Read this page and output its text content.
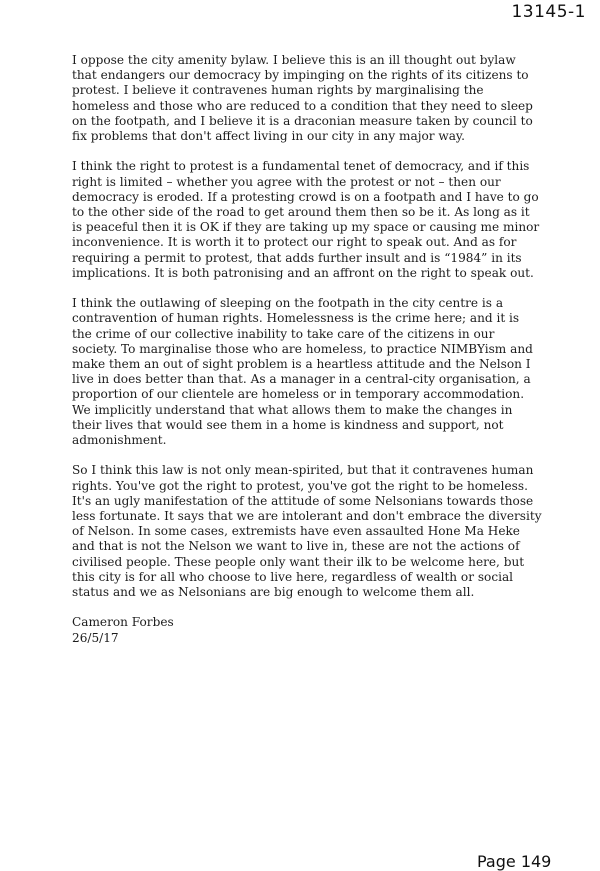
13145-1

I oppose the city amenity bylaw. I believe this is an ill thought out bylaw that endangers our democracy by impinging on the rights of its citizens to protest. I believe it contravenes human rights by marginalising the homeless and those who are reduced to a condition that they need to sleep on the footpath, and I believe it is a draconian measure taken by council to fix problems that don't affect living in our city in any major way.

I think the right to protest is a fundamental tenet of democracy, and if this right is limited – whether you agree with the protest or not – then our democracy is eroded. If a protesting crowd is on a footpath and I have to go to the other side of the road to get around them then so be it. As long as it is peaceful then it is OK if they are taking up my space or causing me minor inconvenience. It is worth it to protect our right to speak out. And as for requiring a permit to protest, that adds further insult and is “1984” in its implications. It is both patronising and an affront on the right to speak out.

I think the outlawing of sleeping on the footpath in the city centre is a contravention of human rights. Homelessness is the crime here; and it is the crime of our collective inability to take care of the citizens in our society. To marginalise those who are homeless, to practice NIMBYism and make them an out of sight problem is a heartless attitude and the Nelson I live in does better than that. As a manager in a central-city organisation, a proportion of our clientele are homeless or in temporary accommodation. We implicitly understand that what allows them to make the changes in their lives that would see them in a home is kindness and support, not admonishment.

So I think this law is not only mean-spirited, but that it contravenes human rights. You've got the right to protest, you've got the right to be homeless. It's an ugly manifestation of the attitude of some Nelsonians towards those less fortunate. It says that we are intolerant and don't embrace the diversity of Nelson. In some cases, extremists have even assaulted Hone Ma Heke and that is not the Nelson we want to live in, these are not the actions of civilised people. These people only want their ilk to be welcome here, but this city is for all who choose to live here, regardless of wealth or social status and we as Nelsonians are big enough to welcome them all.

Cameron Forbes
26/5/17
Page 149
